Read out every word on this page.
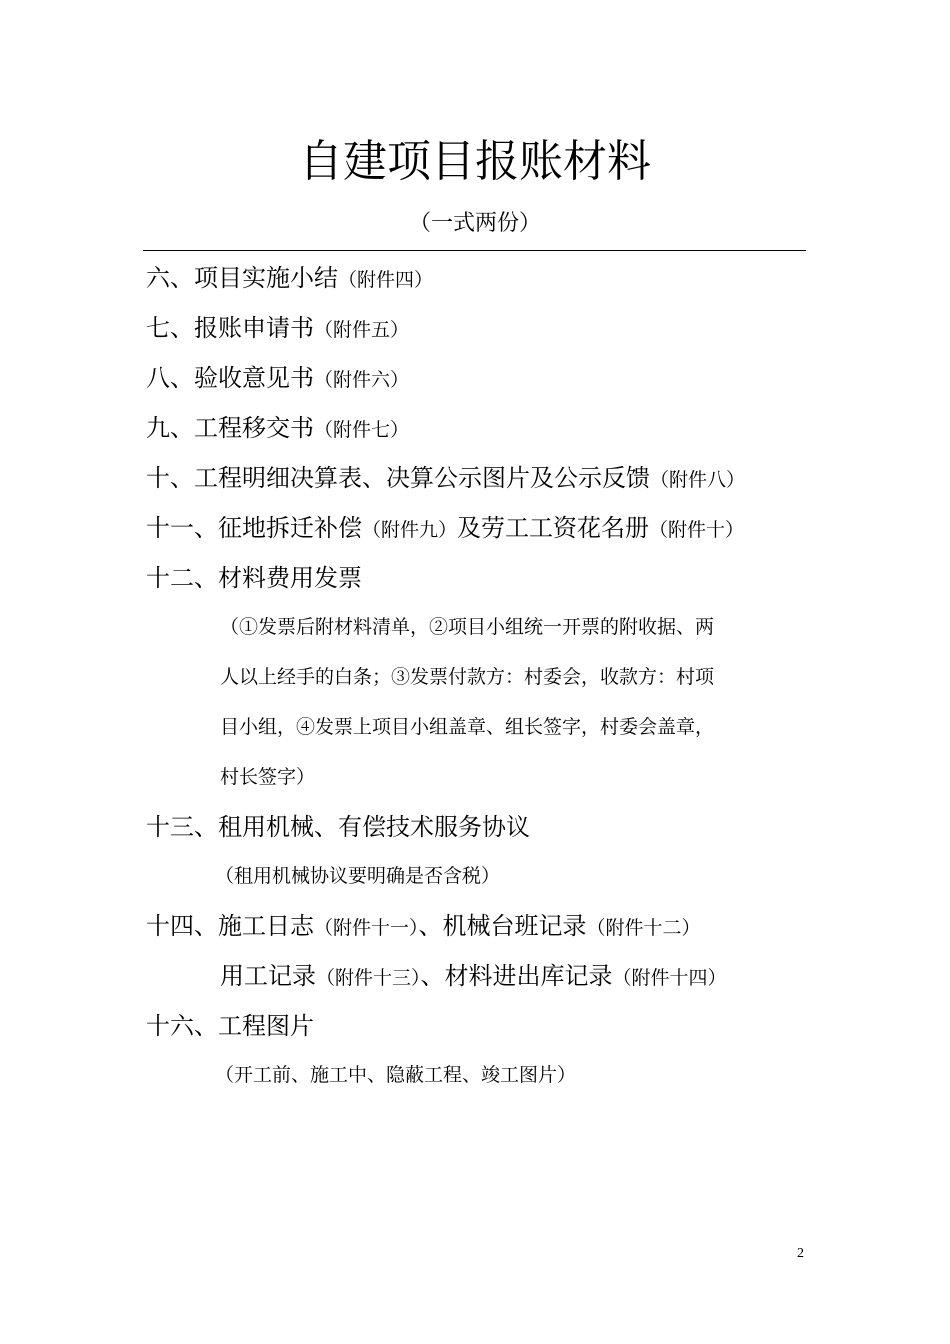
自建项目报账材料
（一式两份）
六、项目实施小结（附件四）
七、报账申请书（附件五）
八、验收意见书（附件六）
九、工程移交书（附件七）
十、工程明细决算表、决算公示图片及公示反馈（附件八）
十一、征地拆迁补偿（附件九）及劳工工资花名册（附件十）
十二、材料费用发票
（①发票后附材料清单，②项目小组统一开票的附收据、两
人以上经手的白条；③发票付款方：村委会，收款方：村项
目小组，④发票上项目小组盖章、组长签字，村委会盖章，
村长签字）
十三、租用机械、有偿技术服务协议
（租用机械协议要明确是否含税）
十四、施工日志（附件十一）、机械台班记录（附件十二）
用工记录（附件十三）、材料进出库记录（附件十四）
十六、工程图片
（开工前、施工中、隐蔽工程、竣工图片）
2
